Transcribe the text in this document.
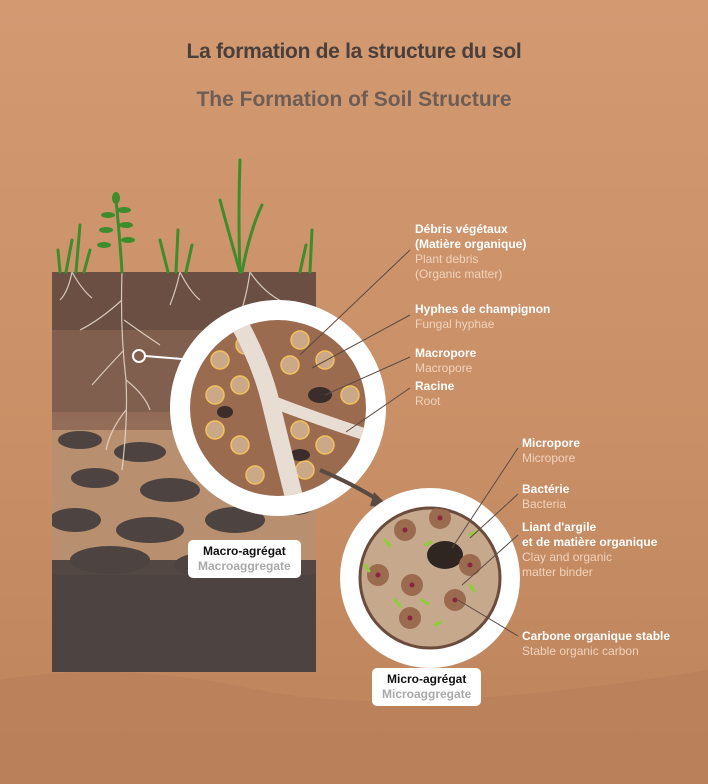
La formation de la structure du sol
The Formation of Soil Structure
Débris végétaux
(Matière organique)
Plant debris
(Organic matter)
Hyphes de champignon
Fungal hyphae
Macropore
Macropore
Racine
Root
Micropore
Micropore
Bactérie
Bacteria
Liant d'argile
et de matière organique
Clay and organic
matter binder
Carbone organique stable
Stable organic carbon
Macro-agrégat
Macroaggregate
Micro-agrégat
Microaggregate
